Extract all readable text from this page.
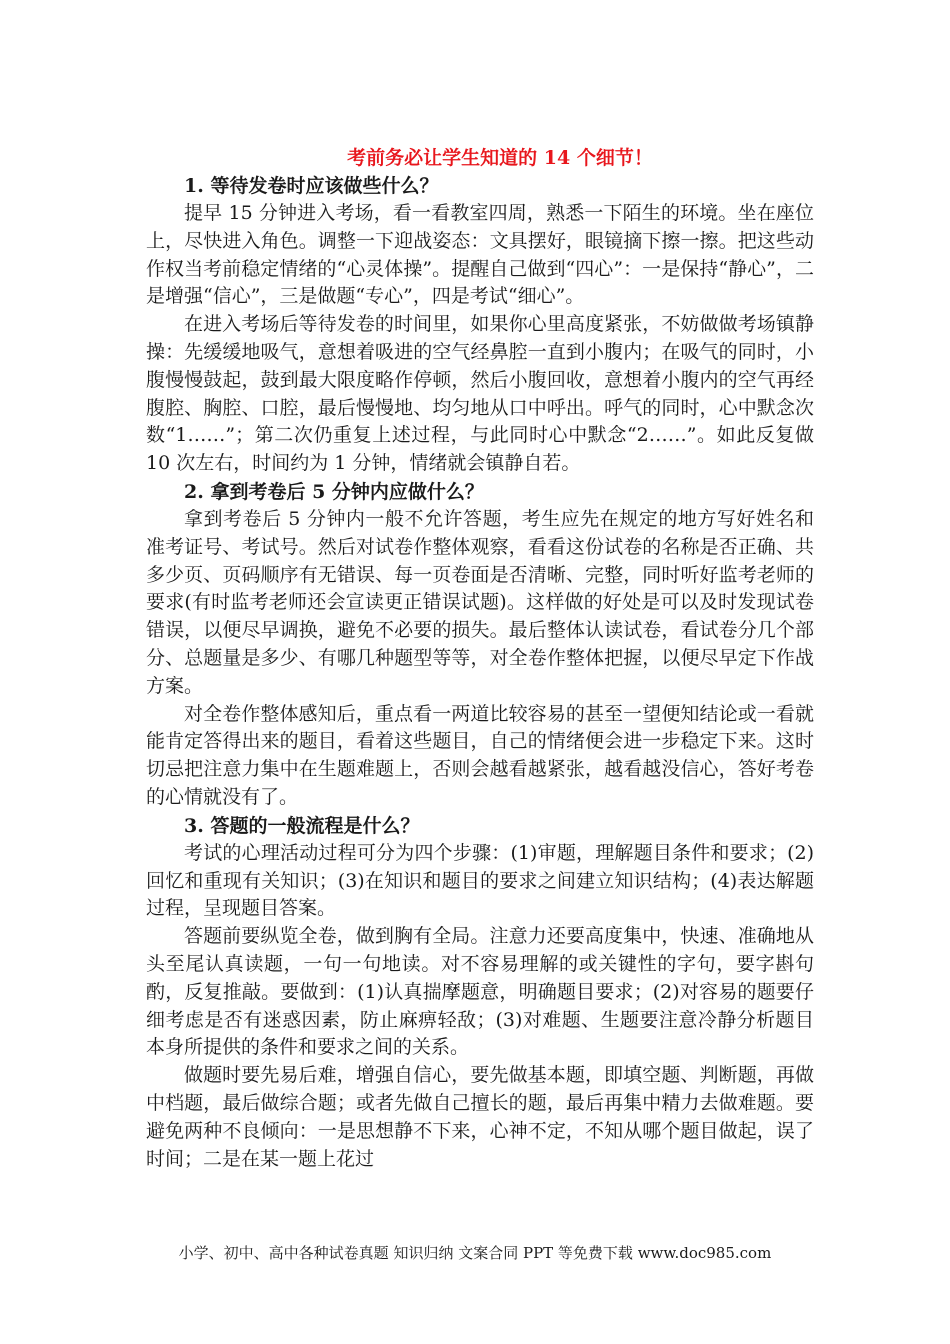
考前务必让学生知道的 14 个细节！
1. 等待发卷时应该做些什么？

提早 15 分钟进入考场，看一看教室四周，熟悉一下陌生的环境。坐在座位上，尽快进入角色。调整一下迎战姿态：文具摆好，眼镜摘下擦一擦。把这些动作权当考前稳定情绪的“心灵体操”。提醒自己做到“四心”：一是保持“静心”，二是增强“信心”，三是做题“专心”，四是考试“细心”。

在进入考场后等待发卷的时间里，如果你心里高度紧张，不妨做做考场镇静操：先缓缓地吸气，意想着吸进的空气经鼻腔一直到小腹内；在吸气的同时，小腹慢慢鼓起，鼓到最大限度略作停顿，然后小腹回收，意想着小腹内的空气再经腹腔、胸腔、口腔，最后慢慢地、均匀地从口中呼出。呼气的同时，心中默念次数“1……”；第二次仍重复上述过程，与此同时心中默念“2……”。如此反复做 10 次左右，时间约为 1 分钟，情绪就会镇静自若。

2. 拿到考卷后 5 分钟内应做什么？

拿到考卷后 5 分钟内一般不允许答题，考生应先在规定的地方写好姓名和准考证号、考试号。然后对试卷作整体观察，看看这份试卷的名称是否正确、共多少页、页码顺序有无错误、每一页卷面是否清晰、完整，同时听好监考老师的要求(有时监考老师还会宣读更正错误试题)。这样做的好处是可以及时发现试卷错误，以便尽早调换，避免不必要的损失。最后整体认读试卷，看试卷分几个部分、总题量是多少、有哪几种题型等等，对全卷作整体把握，以便尽早定下作战方案。

对全卷作整体感知后，重点看一两道比较容易的甚至一望便知结论或一看就能肯定答得出来的题目，看着这些题目，自己的情绪便会进一步稳定下来。这时切忌把注意力集中在生题难题上，否则会越看越紧张，越看越没信心，答好考卷的心情就没有了。

3. 答题的一般流程是什么？

考试的心理活动过程可分为四个步骤：(1)审题，理解题目条件和要求；(2)回忆和重现有关知识；(3)在知识和题目的要求之间建立知识结构；(4)表达解题过程，呈现题目答案。

答题前要纵览全卷，做到胸有全局。注意力还要高度集中，快速、准确地从头至尾认真读题，一句一句地读。对不容易理解的或关键性的字句，要字斟句酌，反复推敲。要做到：(1)认真揣摩题意，明确题目要求；(2)对容易的题要仔细考虑是否有迷惑因素，防止麻痹轻敌；(3)对难题、生题要注意冷静分析题目本身所提供的条件和要求之间的关系。

做题时要先易后难，增强自信心，要先做基本题，即填空题、判断题，再做中档题，最后做综合题；或者先做自己擅长的题，最后再集中精力去做难题。要避免两种不良倾向：一是思想静不下来，心神不定，不知从哪个题目做起，误了时间；二是在某一题上花过

小学、初中、高中各种试卷真题 知识归纳 文案合同 PPT 等免费下载 www.doc985.com
